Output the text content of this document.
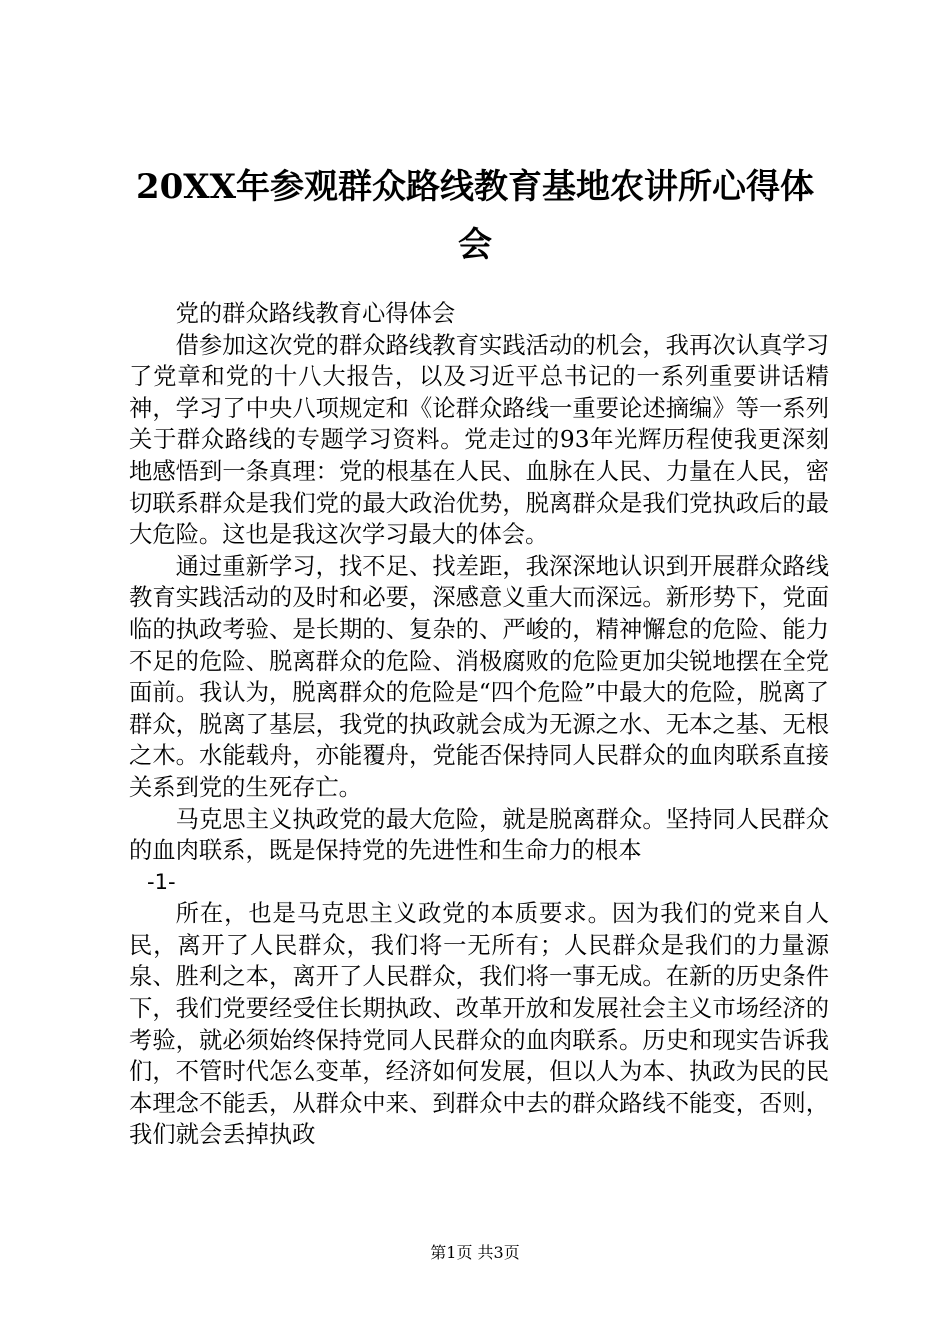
20XX年参观群众路线教育基地农讲所心得体会

党的群众路线教育心得体会

借参加这次党的群众路线教育实践活动的机会，我再次认真学习了党章和党的十八大报告，以及习近平总书记的一系列重要讲话精神，学习了中央八项规定和《论群众路线一重要论述摘编》等一系列关于群众路线的专题学习资料。党走过的93年光辉历程使我更深刻地感悟到一条真理：党的根基在人民、血脉在人民、力量在人民，密切联系群众是我们党的最大政治优势，脱离群众是我们党执政后的最大危险。这也是我这次学习最大的体会。

通过重新学习，找不足、找差距，我深深地认识到开展群众路线教育实践活动的及时和必要，深感意义重大而深远。新形势下，党面临的执政考验、是长期的、复杂的、严峻的，精神懈怠的危险、能力不足的危险、脱离群众的危险、消极腐败的危险更加尖锐地摆在全党面前。我认为，脱离群众的危险是“四个危险”中最大的危险，脱离了群众，脱离了基层，我党的执政就会成为无源之水、无本之基、无根之木。水能载舟，亦能覆舟，党能否保持同人民群众的血肉联系直接关系到党的生死存亡。

马克思主义执政党的最大危险，就是脱离群众。坚持同人民群众的血肉联系，既是保持党的先进性和生命力的根本

-1-

所在，也是马克思主义政党的本质要求。因为我们的党来自人民，离开了人民群众，我们将一无所有；人民群众是我们的力量源泉、胜利之本，离开了人民群众，我们将一事无成。在新的历史条件下，我们党要经受住长期执政、改革开放和发展社会主义市场经济的考验，就必须始终保持党同人民群众的血肉联系。历史和现实告诉我们，不管时代怎么变革，经济如何发展，但以人为本、执政为民的民本理念不能丢，从群众中来、到群众中去的群众路线不能变，否则，我们就会丢掉执政

第1页 共3页
